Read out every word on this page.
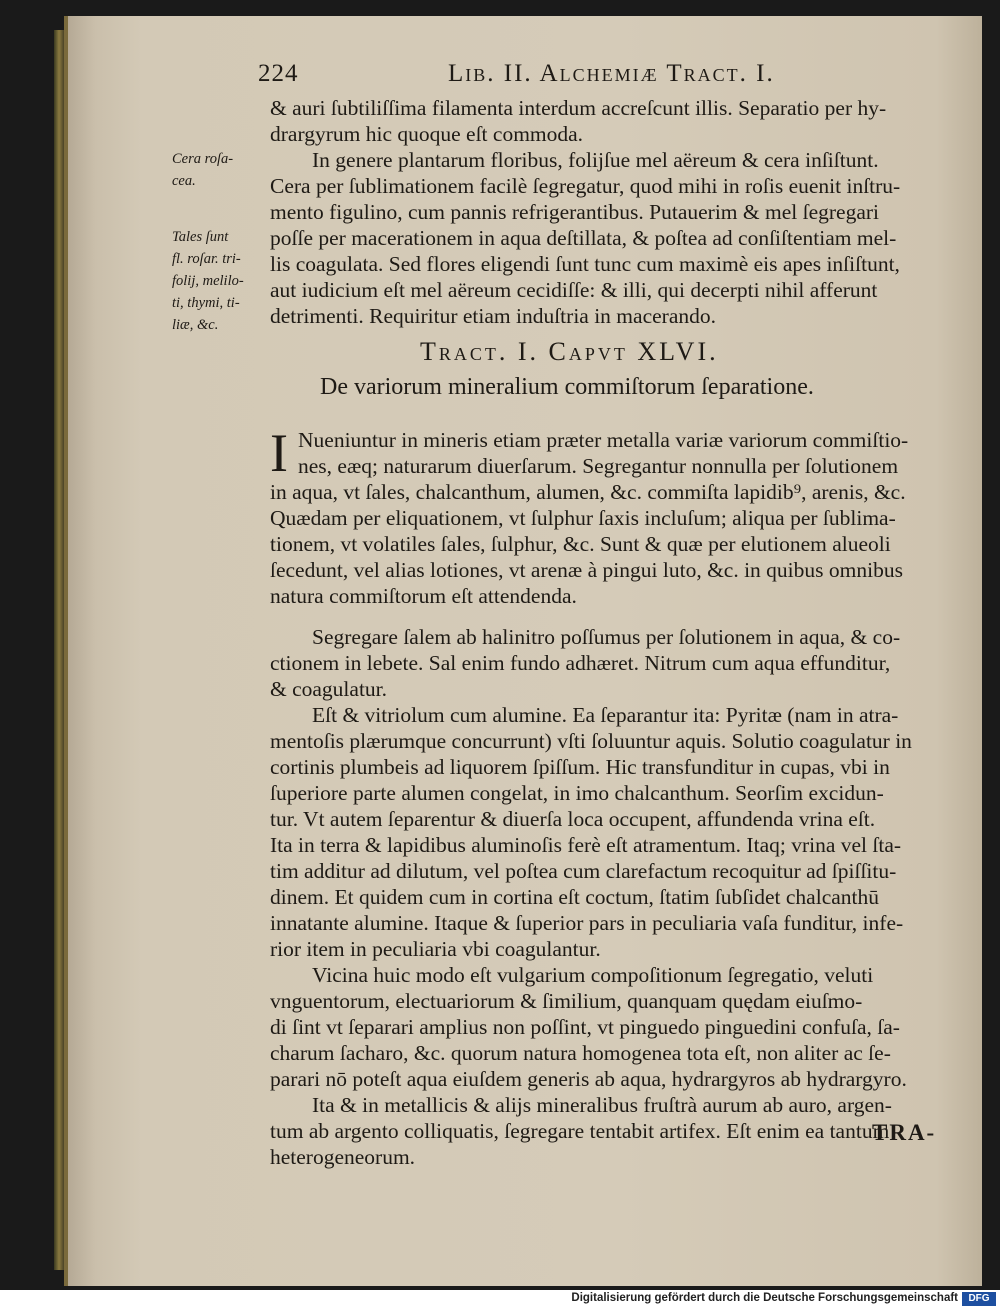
224	Lib. II. Alchemiæ Tract. I.
& auri ſubtiliſſima filamenta interdum accreſcunt illis. Separatio per hy-
drargyrum hic quoque eſt commoda.
In genere plantarum floribus, folijſue mel aëreum & cera inſiſtunt.
Cera per ſublimationem facilè ſegregatur, quod mihi in roſis euenit inſtru-
mento figulino, cum pannis refrigerantibus. Putauerim & mel ſegregari
poſſe per macerationem in aqua deſtillata, & poſtea ad conſiſtentiam mel-
lis coagulata. Sed flores eligendi ſunt tunc cum maximè eis apes inſiſtunt,
aut iudicium eſt mel aëreum cecidiſſe: & illi, qui decerpti nihil afferunt
detrimenti. Requiritur etiam induſtria in macerando.
Cera roſa-
cea.
Tales ſunt
fl. roſar. tri-
folij, melilo-
ti, thymi, ti-
liæ, &c.
Tract. I. Capvt XLVI.
De variorum mineralium commiſtorum ſeparatione.
I Nueniuntur in mineris etiam præter metalla variæ variorum commiſtio-
nes, eæq; naturarum diuerſarum. Segregantur nonnulla per ſolutionem
in aqua, vt ſales, chalcanthum, alumen, &c. commiſta lapidib⁹, arenis, &c.
Quædam per eliquationem, vt ſulphur ſaxis incluſum; aliqua per ſublima-
tionem, vt volatiles ſales, ſulphur, &c. Sunt & quæ per elutionem alueoli
ſecedunt, vel alias lotiones, vt arenæ à pingui luto, &c. in quibus omnibus
natura commiſtorum eſt attendenda.
Segregare ſalem ab halinitro poſſumus per ſolutionem in aqua, & co-
ctionem in lebete. Sal enim fundo adhæret. Nitrum cum aqua effunditur,
& coagulatur.
Eſt & vitriolum cum alumine. Ea ſeparantur ita: Pyritæ (nam in atra-
mentoſis plærumque concurrunt) vſti ſoluuntur aquis. Solutio coagulatur in
cortinis plumbeis ad liquorem ſpiſſum. Hic transfunditur in cupas, vbi in
ſuperiore parte alumen congelat, in imo chalcanthum. Seorſim excidun-
tur. Vt autem ſeparentur & diuerſa loca occupent, affundenda vrina eſt.
Ita in terra & lapidibus aluminoſis ferè eſt atramentum. Itaq; vrina vel ſta-
tim additur ad dilutum, vel poſtea cum clarefactum recoquitur ad ſpiſſitu-
dinem. Et quidem cum in cortina eſt coctum, ſtatim ſubſidet chalcanthū
innatante alumine. Itaque & ſuperior pars in peculiaria vaſa funditur, infe-
rior item in peculiaria vbi coagulantur.
Vicina huic modo eſt vulgarium compoſitionum ſegregatio, veluti
vnguentorum, electuariorum & ſimilium, quanquam quędam eiuſmo-
di ſint vt ſeparari amplius non poſſint, vt pinguedo pinguedini confuſa, ſa-
charum ſacharo, &c. quorum natura homogenea tota eſt, non aliter ac ſe-
parari nō poteſt aqua eiuſdem generis ab aqua, hydrargyros ab hydrargyro.
Ita & in metallicis & alijs mineralibus fruſtrà aurum ab auro, argen-
tum ab argento colliquatis, ſegregare tentabit artifex. Eſt enim ea tantum
heterogeneorum.
TRA-
Digitalisierung gefördert durch die Deutsche Forschungsgemeinschaft	DFG
